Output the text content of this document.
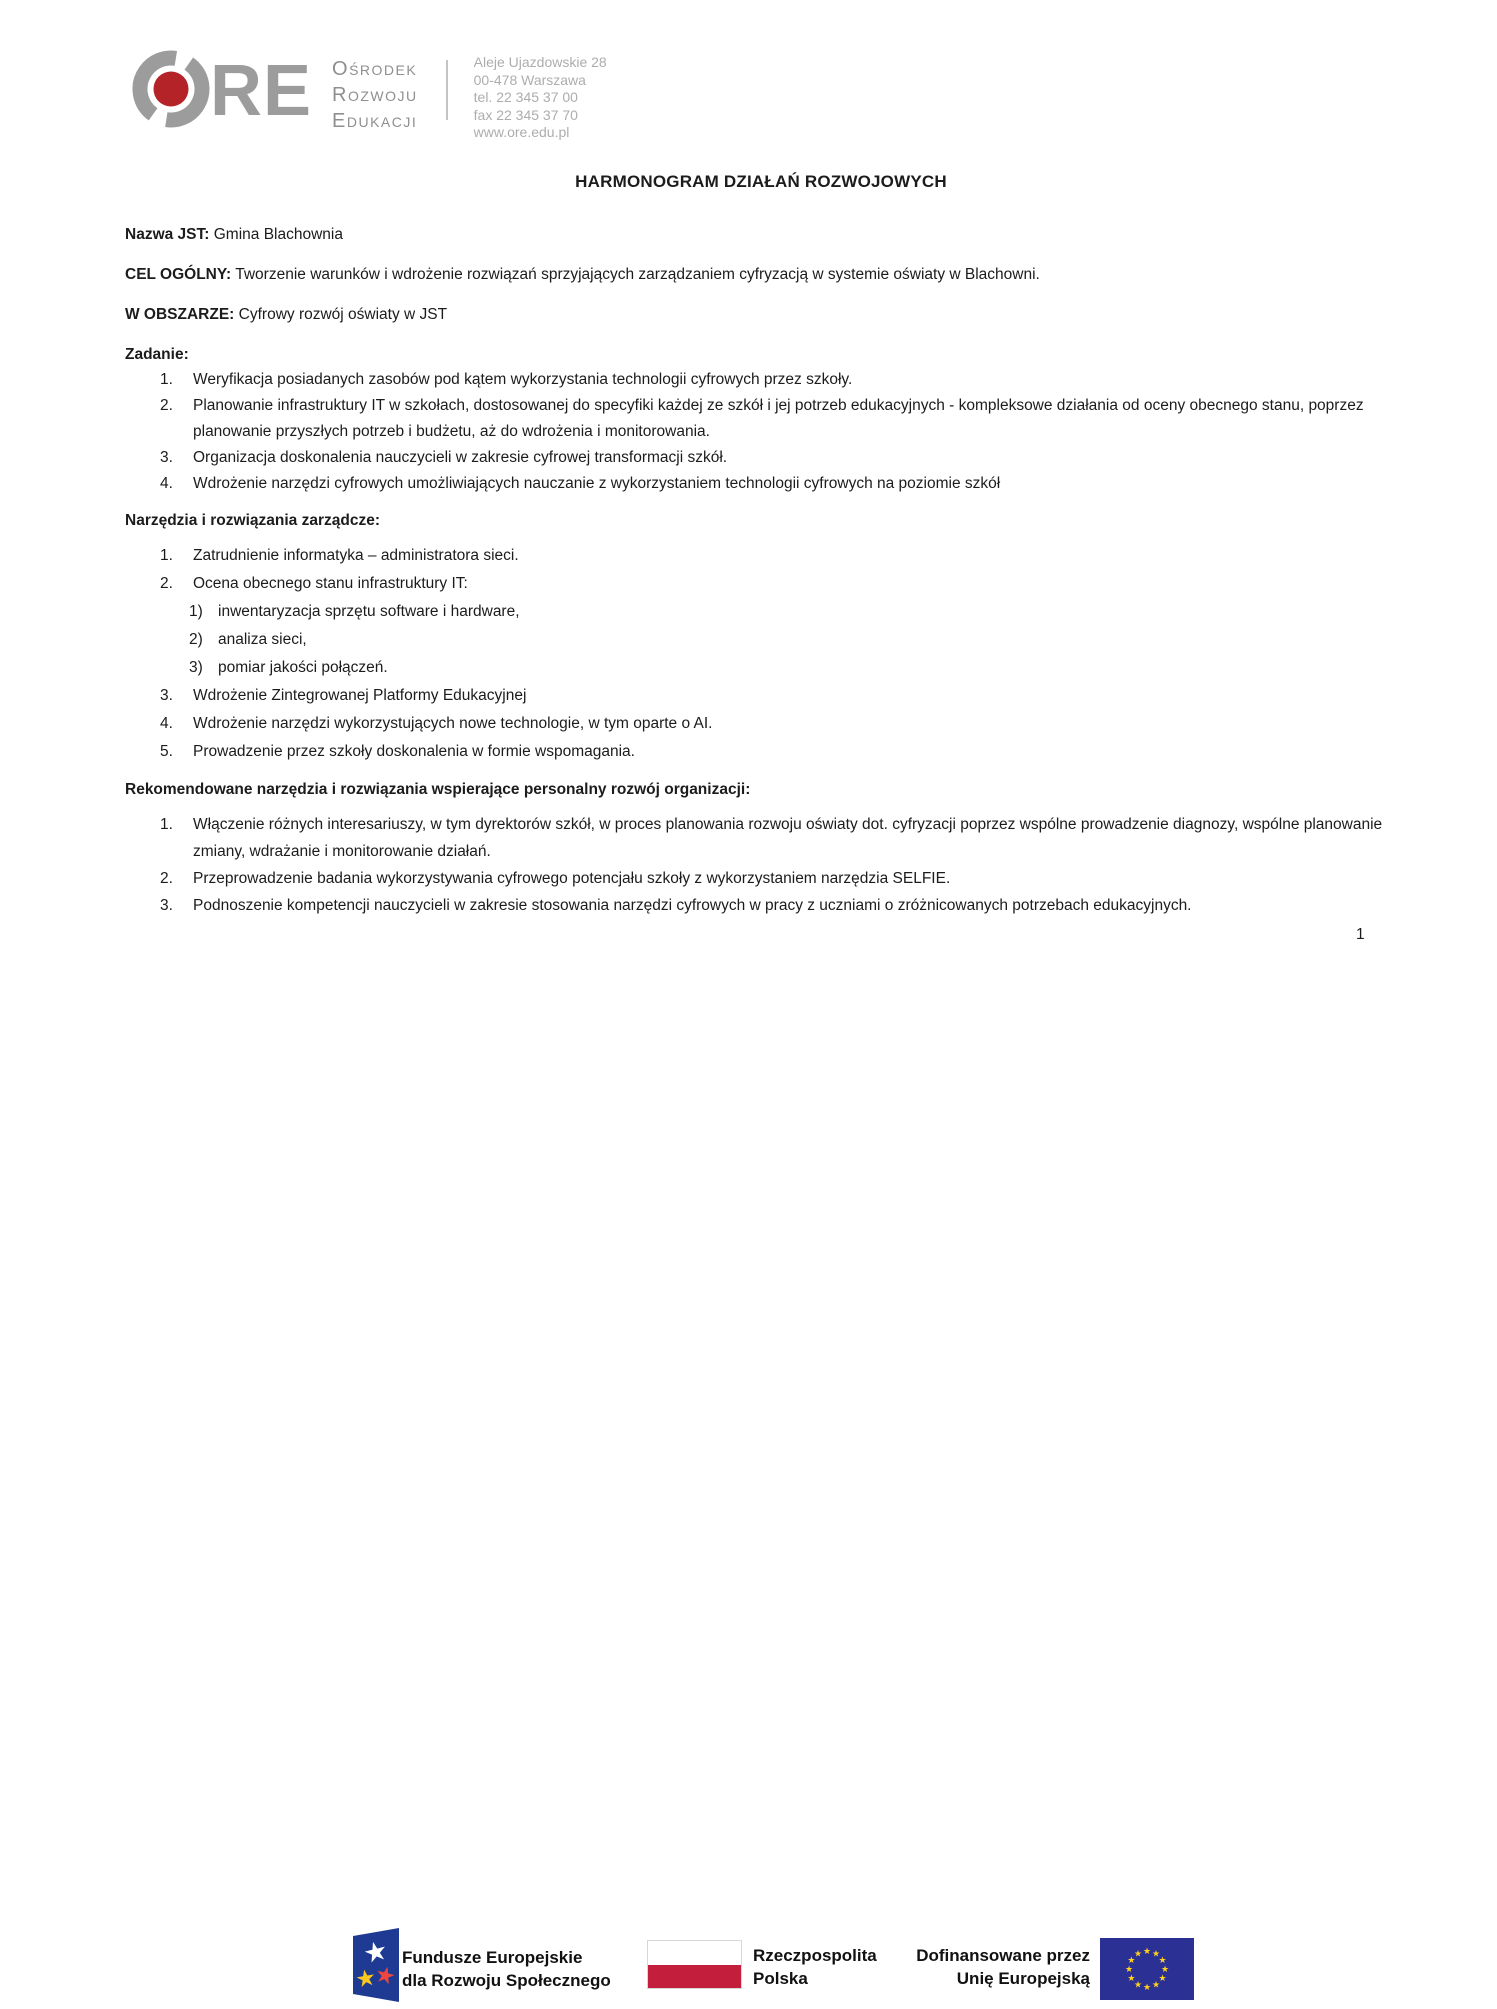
RE Ośrodek
Rozwoju
Edukacji
Aleje Ujazdowskie 28
00-478 Warszawa
tel. 22 345 37 00
fax 22 345 37 70
www.ore.edu.pl
HARMONOGRAM DZIAŁAŃ ROZWOJOWYCH

Nazwa JST: Gmina Blachownia

CEL OGÓLNY: Tworzenie warunków i wdrożenie rozwiązań sprzyjających zarządzaniem cyfryzacją w systemie oświaty w Blachowni.

W OBSZARZE: Cyfrowy rozwój oświaty w JST

Zadanie:

1.	Weryfikacja posiadanych zasobów pod kątem wykorzystania technologii cyfrowych przez szkoły.
2.	Planowanie infrastruktury IT w szkołach, dostosowanej do specyfiki każdej ze szkół i jej potrzeb edukacyjnych - kompleksowe działania od oceny obecnego stanu, poprzez planowanie przyszłych potrzeb i budżetu, aż do wdrożenia i monitorowania.
3.	Organizacja doskonalenia nauczycieli w zakresie cyfrowej transformacji szkół.
4.	Wdrożenie narzędzi cyfrowych umożliwiających nauczanie z wykorzystaniem technologii cyfrowych na poziomie szkół

Narzędzia i rozwiązania zarządcze:

1.	Zatrudnienie informatyka – administratora sieci.
2.	Ocena obecnego stanu infrastruktury IT:
1) inwentaryzacja sprzętu software i hardware,
2) analiza sieci,
3) pomiar jakości połączeń.
3.	Wdrożenie Zintegrowanej Platformy Edukacyjnej
4.	Wdrożenie narzędzi wykorzystujących nowe technologie, w tym oparte o AI.
5.	Prowadzenie przez szkoły doskonalenia w formie wspomagania.

Rekomendowane narzędzia i rozwiązania wspierające personalny rozwój organizacji:

1.	Włączenie różnych interesariuszy, w tym dyrektorów szkół, w proces planowania rozwoju oświaty dot. cyfryzacji poprzez wspólne prowadzenie diagnozy, wspólne planowanie zmiany, wdrażanie i monitorowanie działań.
2.	Przeprowadzenie badania wykorzystywania cyfrowego potencjału szkoły z wykorzystaniem narzędzia SELFIE.
3.	Podnoszenie kompetencji nauczycieli w zakresie stosowania narzędzi cyfrowych w pracy z uczniami o zróżnicowanych potrzebach edukacyjnych.
1
★
★
★
Fundusze Europejskie
dla Rozwoju Społecznego
Rzeczpospolita
Polska
Dofinansowane przez
Unię Europejską
★ ★
★
★
★
★
★
★
★
★
★
★
